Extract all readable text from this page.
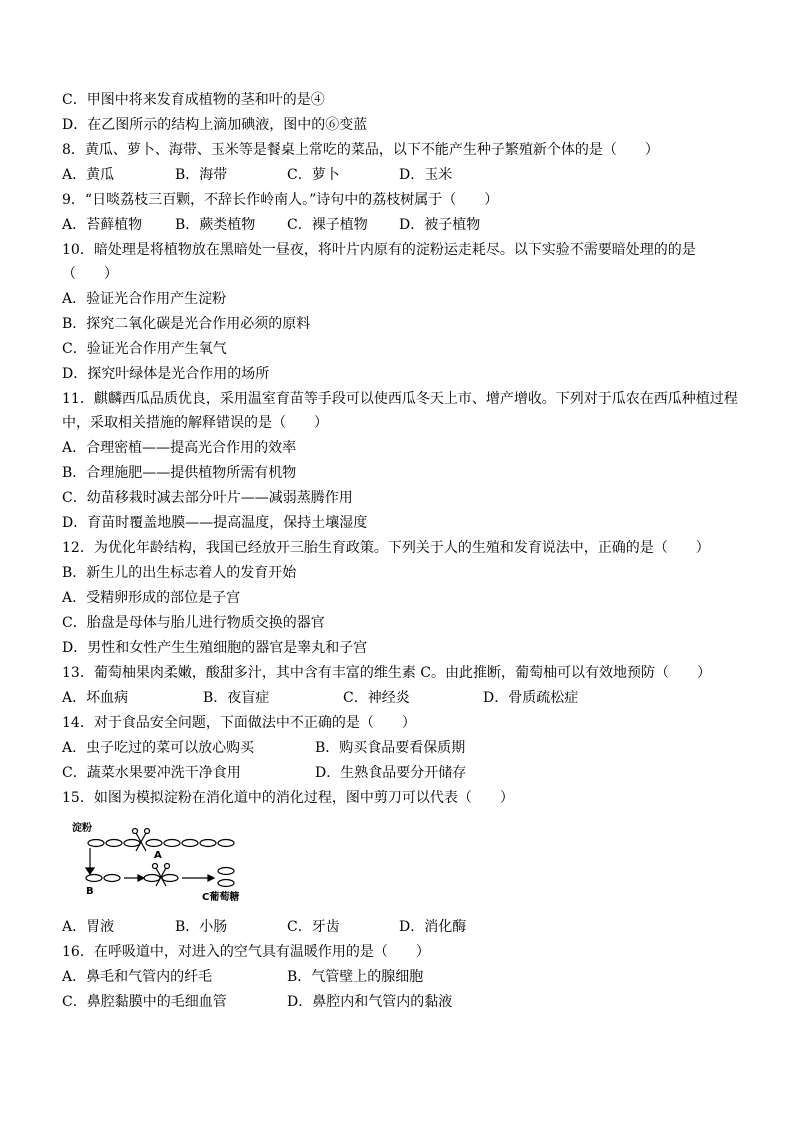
C．甲图中将来发育成植物的茎和叶的是④
D．在乙图所示的结构上滴加碘液，图中的⑥变蓝
8．黄瓜、萝卜、海带、玉米等是餐桌上常吃的菜品，以下不能产生种子繁殖新个体的是（　　）
9．“日啖荔枝三百颗，不辞长作岭南人。”诗句中的荔枝树属于（　　）
10．暗处理是将植物放在黑暗处一昼夜，将叶片内原有的淀粉运走耗尽。以下实验不需要暗处理的的是
（　　）
A．验证光合作用产生淀粉
B．探究二氧化碳是光合作用必须的原料
C．验证光合作用产生氧气
D．探究叶绿体是光合作用的场所
11．麒麟西瓜品质优良，采用温室育苗等手段可以使西瓜冬天上市、增产增收。下列对于瓜农在西瓜种植过程
中，采取相关措施的解释错误的是（　　）
A．合理密植——提高光合作用的效率
B．合理施肥——提供植物所需有机物
C．幼苗移栽时减去部分叶片——减弱蒸腾作用
D．育苗时覆盖地膜——提高温度，保持土壤湿度
12．为优化年龄结构，我国已经放开三胎生育政策。下列关于人的生殖和发育说法中，正确的是（　　）
C．胎盘是母体与胎儿进行物质交换的器官
D．男性和女性产生生殖细胞的器官是睾丸和子宫
13．葡萄柚果肉柔嫩，酸甜多汁，其中含有丰富的维生素 C。由此推断，葡萄柚可以有效地预防（　　）
14．对于食品安全问题，下面做法中不正确的是（　　）
15．如图为模拟淀粉在消化道中的消化过程，图中剪刀可以代表（　　）
16．在呼吸道中，对进入的空气具有温暖作用的是（　　）
A．受精卵形成的部位是子宫
B．新生儿的出生标志着人的发育开始
A．黄瓜	B．海带	C．萝卜	D．玉米
A．苔藓植物 B．蕨类植物 C．裸子植物 D．被子植物
A．坏血病	B．夜盲症	C．神经炎	D．骨质疏松症
A．虫子吃过的菜可以放心购买	B．购买食品要看保质期
C．蔬菜水果要冲洗干净食用	D．生熟食品要分开储存
A．胃液	B．小肠	C．牙齿	D．消化酶
A．鼻毛和气管内的纤毛	B．气管壁上的腺细胞
C．鼻腔黏膜中的毛细血管	D．鼻腔内和气管内的黏液
淀粉
A
B
C葡萄糖
